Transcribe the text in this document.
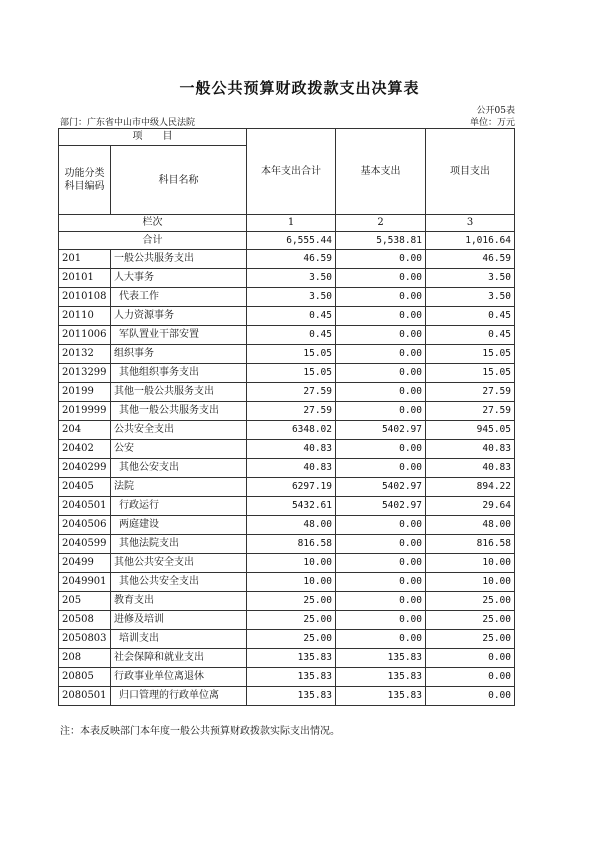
一般公共预算财政拨款支出决算表
公开05表
部门：广东省中山市中级人民法院	单位：万元
项　　目		本年支出合计	基本支出	项目支出
功能分类科目编码	科目名称			
栏次		1	2	3
合计		6,555.44	5,538.81	1,016.64
201	一般公共服务支出	46.59	0.00	46.59
20101	人大事务	3.50	0.00	3.50
2010108	代表工作	3.50	0.00	3.50
20110	人力资源事务	0.45	0.00	0.45
2011006	军队置业干部安置	0.45	0.00	0.45
20132	组织事务	15.05	0.00	15.05
2013299	其他组织事务支出	15.05	0.00	15.05
20199	其他一般公共服务支出	27.59	0.00	27.59
2019999	其他一般公共服务支出	27.59	0.00	27.59
204	公共安全支出	6348.02	5402.97	945.05
20402	公安	40.83	0.00	40.83
2040299	其他公安支出	40.83	0.00	40.83
20405	法院	6297.19	5402.97	894.22
2040501	行政运行	5432.61	5402.97	29.64
2040506	两庭建设	48.00	0.00	48.00
2040599	其他法院支出	816.58	0.00	816.58
20499	其他公共安全支出	10.00	0.00	10.00
2049901	其他公共安全支出	10.00	0.00	10.00
205	教育支出	25.00	0.00	25.00
20508	进修及培训	25.00	0.00	25.00
2050803	培训支出	25.00	0.00	25.00
208	社会保障和就业支出	135.83	135.83	0.00
20805	行政事业单位离退休	135.83	135.83	0.00
2080501	归口管理的行政单位离	135.83	135.83	0.00
注：本表反映部门本年度一般公共预算财政拨款实际支出情况。
